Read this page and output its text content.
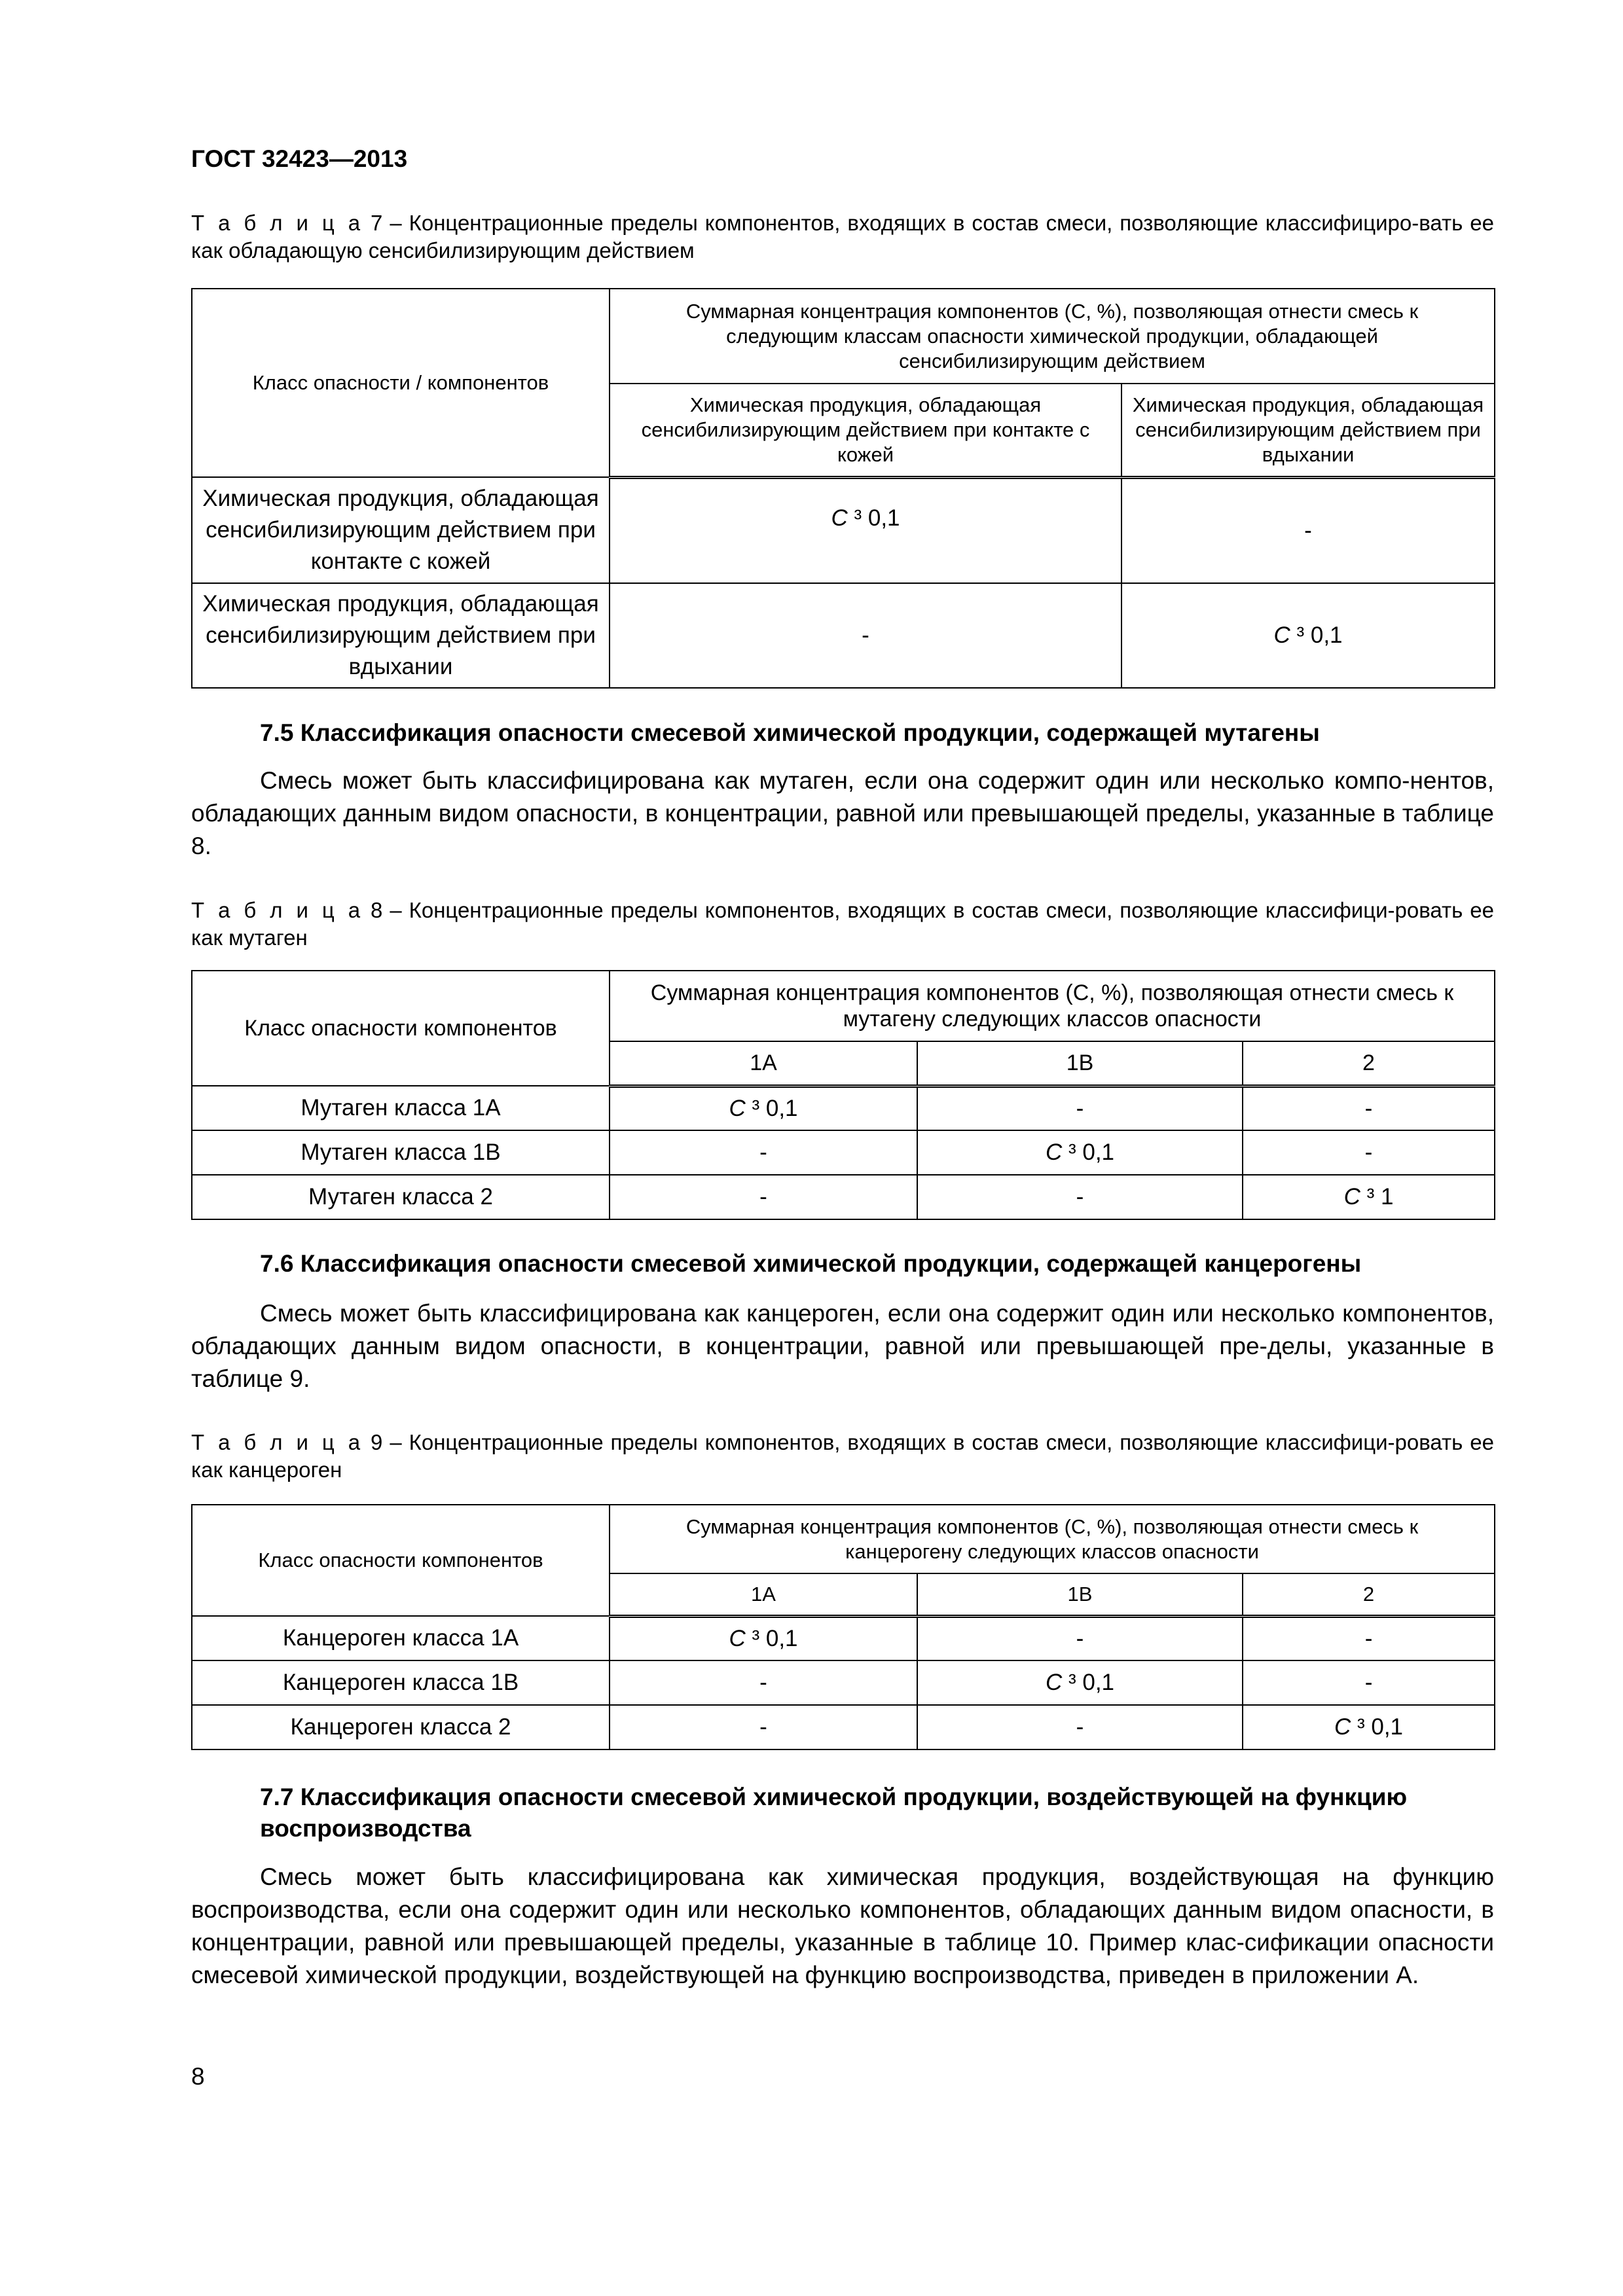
ГОСТ 32423—2013
Т а б л и ц а 7 – Концентрационные пределы компонентов, входящих в состав смеси, позволяющие классифициро-вать ее как обладающую сенсибилизирующим действием
Класс опасности / компонентов	Суммарная концентрация компонентов (С, %), позволяющая отнести смесь к следующим классам опасности химической продукции, обладающей сенсибилизирующим действием	
	Химическая продукция, обладающая сенсибилизирующим действием при контакте с кожей	Химическая продукция, обладающая сенсибилизирующим действием при вдыхании
Химическая продукция, обладающая сенсибилизирующим действием при контакте с кожей	С ³ 0,1	-
Химическая продукция, обладающая сенсибилизирующим действием при вдыхании	-	С ³ 0,1
7.5 Классификация опасности смесевой химической продукции, содержащей мутагены
Смесь может быть классифицирована как мутаген, если она содержит один или несколько компо-нентов, обладающих данным видом опасности, в концентрации, равной или превышающей пределы, указанные в таблице 8.
Т а б л и ц а 8 – Концентрационные пределы компонентов, входящих в состав смеси, позволяющие классифици-ровать ее как мутаген
Класс опасности компонентов	Суммарная концентрация компонентов (С, %), позволяющая отнести смесь к мутагену следующих классов опасности		
	1А	1В	2
Мутаген класса 1А	С ³ 0,1	-	-
Мутаген класса 1В	-	С ³ 0,1	-
Мутаген класса 2	-	-	С ³ 1
7.6 Классификация опасности смесевой химической продукции, содержащей канцерогены
Смесь может быть классифицирована как канцероген, если она содержит один или несколько компонентов, обладающих данным видом опасности, в концентрации, равной или превышающей пре-делы, указанные в таблице 9.
Т а б л и ц а 9 – Концентрационные пределы компонентов, входящих в состав смеси, позволяющие классифици-ровать ее как канцероген
Класс опасности компонентов	Суммарная концентрация компонентов (С, %), позволяющая отнести смесь к канцерогену следующих классов опасности		
	1А	1В	2
Канцероген класса 1А	С ³ 0,1	-	-
Канцероген класса 1В	-	С ³ 0,1	-
Канцероген класса 2	-	-	С ³ 0,1
7.7 Классификация опасности смесевой химической продукции, воздействующей на функцию воспроизводства
Смесь может быть классифицирована как химическая продукция, воздействующая на функцию воспроизводства, если она содержит один или несколько компонентов, обладающих данным видом опасности, в концентрации, равной или превышающей пределы, указанные в таблице 10. Пример клас-сификации опасности смесевой химической продукции, воздействующей на функцию воспроизводства, приведен в приложении А.
8
